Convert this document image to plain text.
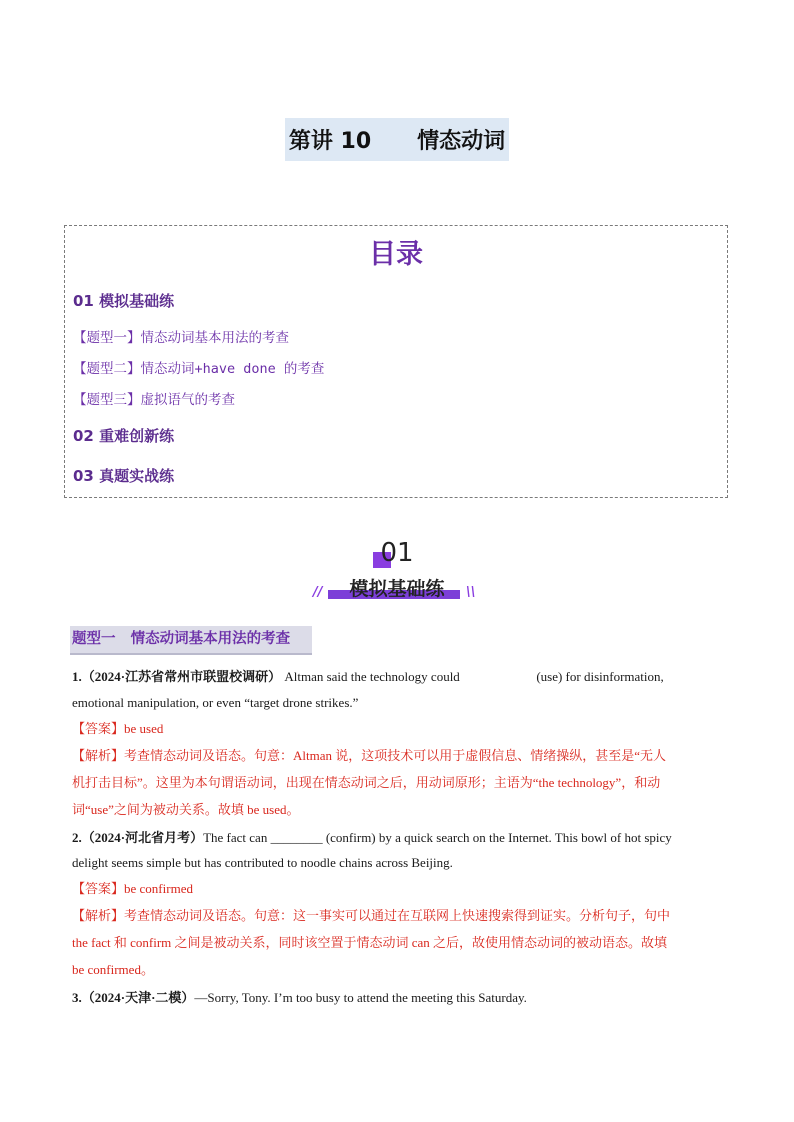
第讲 10      情态动词
目录
01 模拟基础练
【题型一】情态动词基本用法的考查
【题型二】情态动词+have done 的考查
【题型三】虚拟语气的考查
02 重难创新练
03 真题实战练
01
模拟基础练
//	\\
题型一   情态动词基本用法的考查
1.（2024·江苏省常州市联盟校调研） Altman said the technology could	(use) for disinformation,
emotional manipulation, or even “target drone strikes.”
【答案】be used
【解析】考查情态动词及语态。句意：Altman 说，这项技术可以用于虚假信息、情绪操纵，甚至是“无人
机打击目标”。这里为本句谓语动词，出现在情态动词之后，用动词原形；主语为“the technology”，和动
词“use”之间为被动关系。故填 be used。
2.（2024·河北省月考）The fact can ________ (confirm) by a quick search on the Internet. This bowl of hot spicy
delight seems simple but has contributed to noodle chains across Beijing.
【答案】be confirmed
【解析】考查情态动词及语态。句意：这一事实可以通过在互联网上快速搜索得到证实。分析句子，句中
the fact 和 confirm 之间是被动关系，同时该空置于情态动词 can 之后，故使用情态动词的被动语态。故填
be confirmed。
3.（2024·天津·二模）—Sorry, Tony. I’m too busy to attend the meeting this Saturday.
